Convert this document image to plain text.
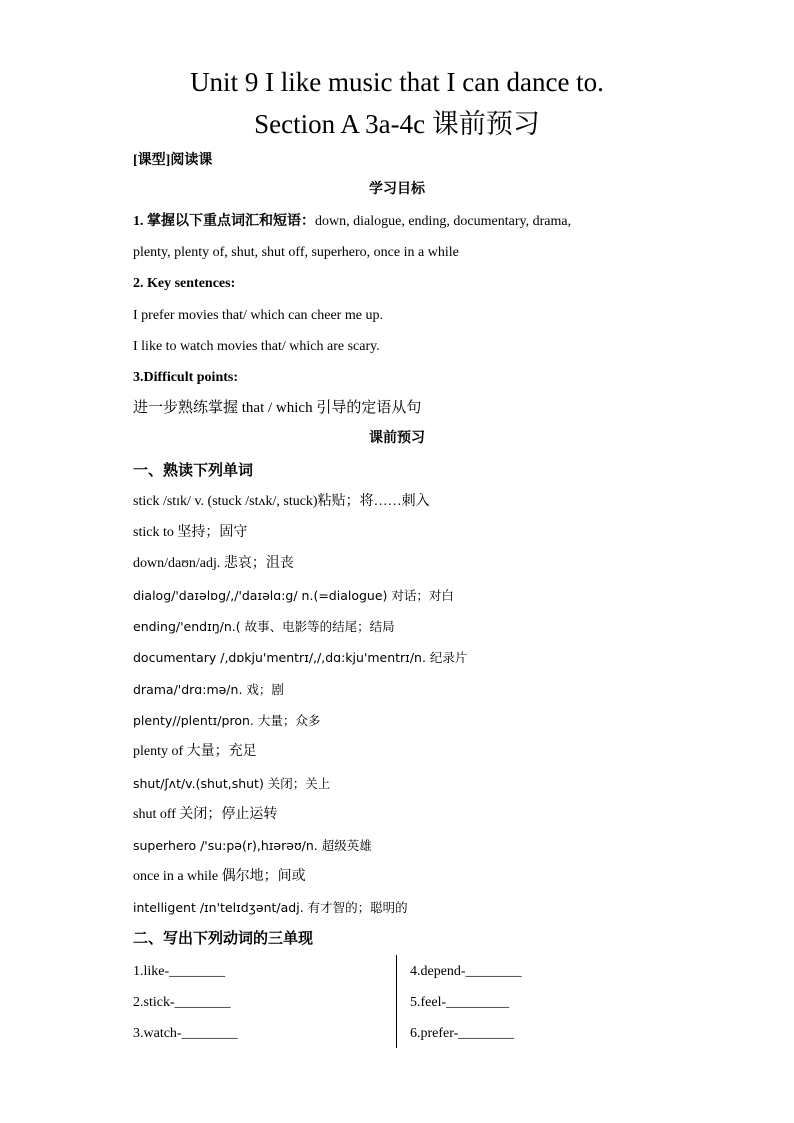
Unit 9 I like music that I can dance to.
Section A 3a-4c 课前预习
[课型]阅读课
学习目标
1. 掌握以下重点词汇和短语：down, dialogue, ending, documentary, drama,
plenty, plenty of, shut, shut off, superhero, once in a while
2. Key sentences:
I prefer movies that/ which can cheer me up.
I like to watch movies that/ which are scary.
3.Difficult points:
进一步熟练掌握 that / which 引导的定语从句
课前预习
一、熟读下列单词
stick /stɪk/ v. (stuck /stʌk/, stuck)粘贴；将……刺入
stick to 坚持；固守
down/daʊn/adj. 悲哀；沮丧
dialog/'daɪəlɒg/,/'daɪəlɑ:g/ n.(=dialogue) 对话；对白
ending/'endɪŋ/n.( 故事、电影等的结尾；结局
documentary /,dɒkju'mentrɪ/,/,dɑ:kju'mentrɪ/n. 纪录片
drama/'drɑ:mə/n. 戏；剧
plenty//plentɪ/pron. 大量；众多
plenty of 大量；充足
shut/ʃʌt/v.(shut,shut) 关闭；关上
shut off 关闭；停止运转
superhero /'su:pə(r),hɪərəʊ/n. 超级英雄
once in a while 偶尔地；间或
intelligent /ɪn'telɪdʒənt/adj. 有才智的；聪明的
二、写出下列动词的三单现
1.like-________
2.stick-________
3.watch-________
4.depend-________
5.feel-_________
6.prefer-________
